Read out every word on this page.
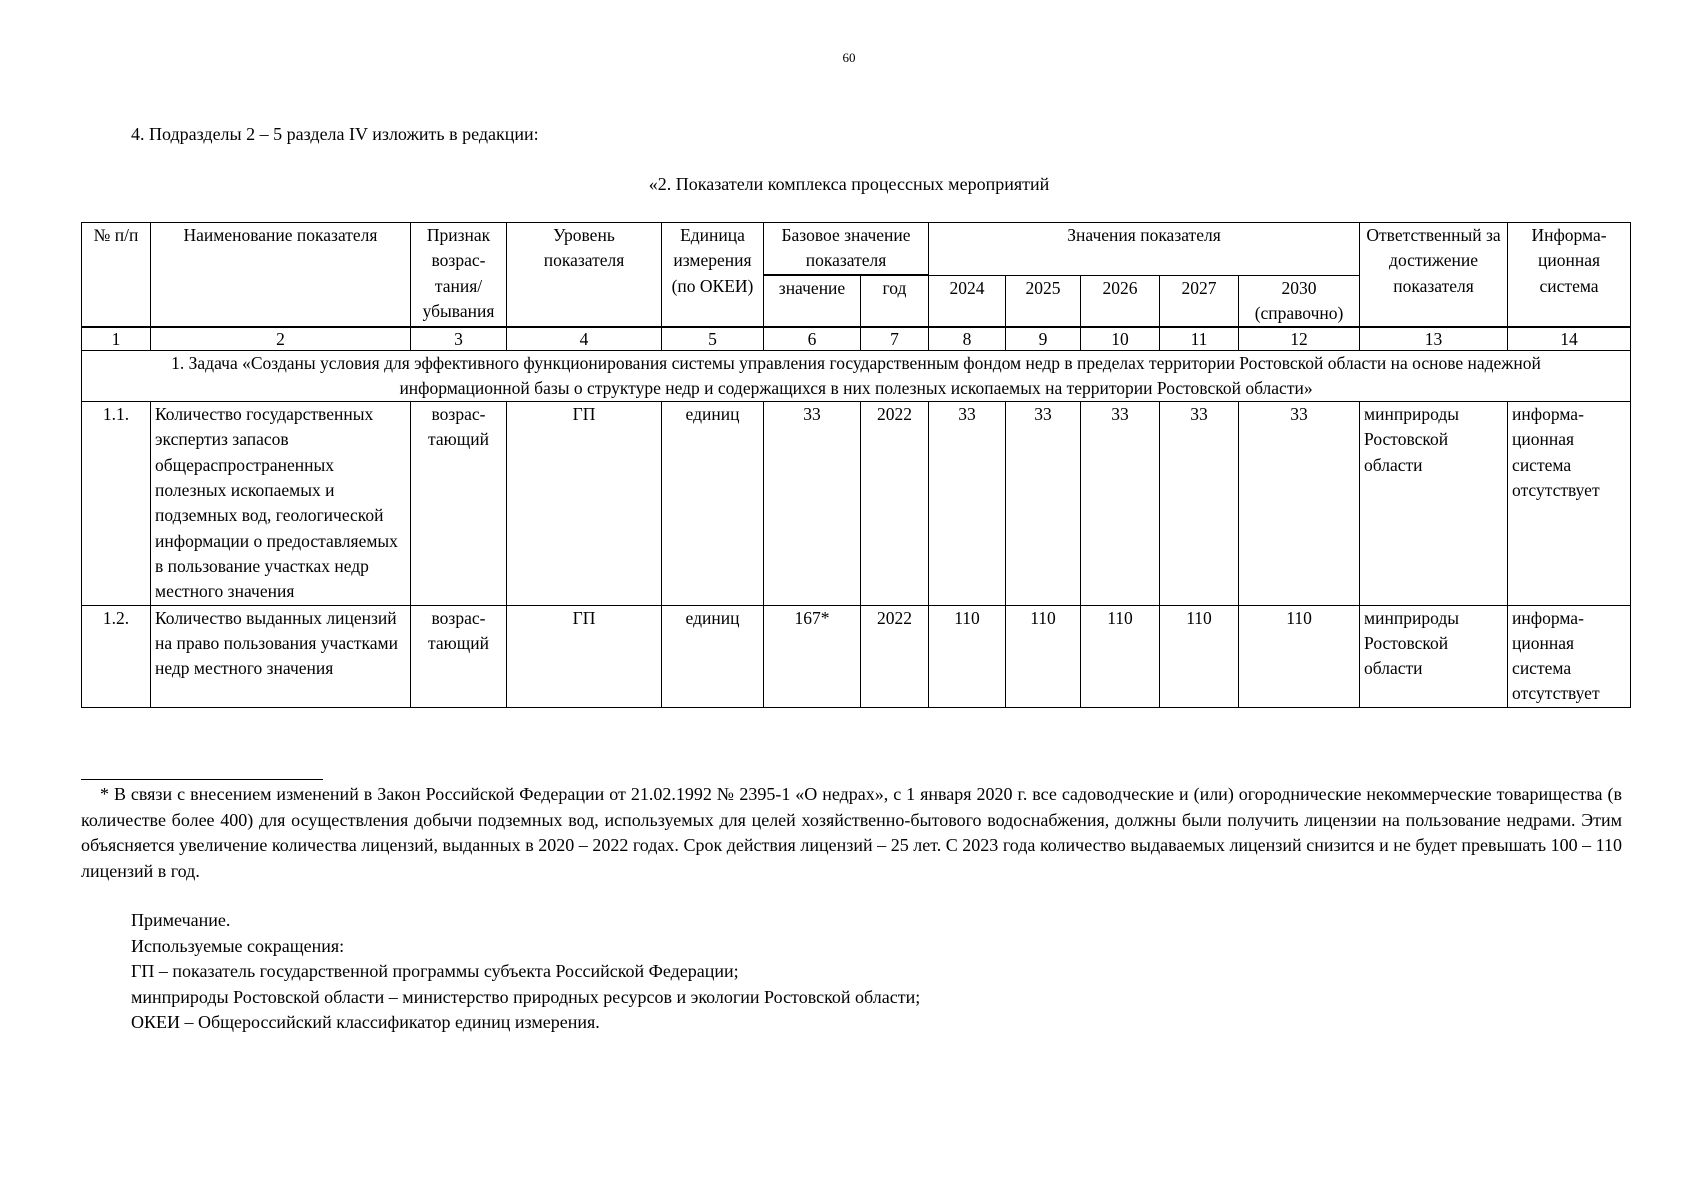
60
4. Подразделы 2 – 5 раздела IV изложить в редакции:
«2. Показатели комплекса процессных мероприятий
№ п/п	Наименование показателя	Признак возрас-тания/ убывания	Уровень показателя	Единица измерения (по ОКЕИ)	Базовое значение показателя		Значения показателя					Ответственный за достижение показателя	Информа-ционная система

					значение	год	2024	2025	2026	2027	2030 (справочно)		
1	2	3	4	5	6	7	8	9	10	11	12	13	14
1. Задача «Созданы условия для эффективного функционирования системы управления государственным фондом недр в пределах территории Ростовской области на основе надежной информационной базы о структуре недр и содержащихся в них полезных ископаемых на территории Ростовской области»													
1.1.	Количество государственных экспертиз запасов общераспространенных полезных ископаемых и подземных вод, геологической информации о предоставляемых в пользование участках недр местного значения	возрас-тающий	ГП	единиц	33	2022	33	33	33	33	33	минприроды Ростовской области	информа-ционная система отсутствует
1.2.	Количество выданных лицензий на право пользования участками недр местного значения	возрас-тающий	ГП	единиц	167*	2022	110	110	110	110	110	минприроды Ростовской области	информа-ционная система отсутствует
* В связи с внесением изменений в Закон Российской Федерации от 21.02.1992 № 2395-1 «О недрах», с 1 января 2020 г. все садоводческие и (или) огороднические некоммерческие товарищества (в количестве более 400) для осуществления добычи подземных вод, используемых для целей хозяйственно-бытового водоснабжения, должны были получить лицензии на пользование недрами. Этим объясняется увеличение количества лицензий, выданных в 2020 – 2022 годах. Срок действия лицензий – 25 лет. С 2023 года количество выдаваемых лицензий снизится и не будет превышать 100 – 110 лицензий в год.
Примечание.
Используемые сокращения:
ГП – показатель государственной программы субъекта Российской Федерации;
минприроды Ростовской области – министерство природных ресурсов и экологии Ростовской области;
ОКЕИ – Общероссийский классификатор единиц измерения.
